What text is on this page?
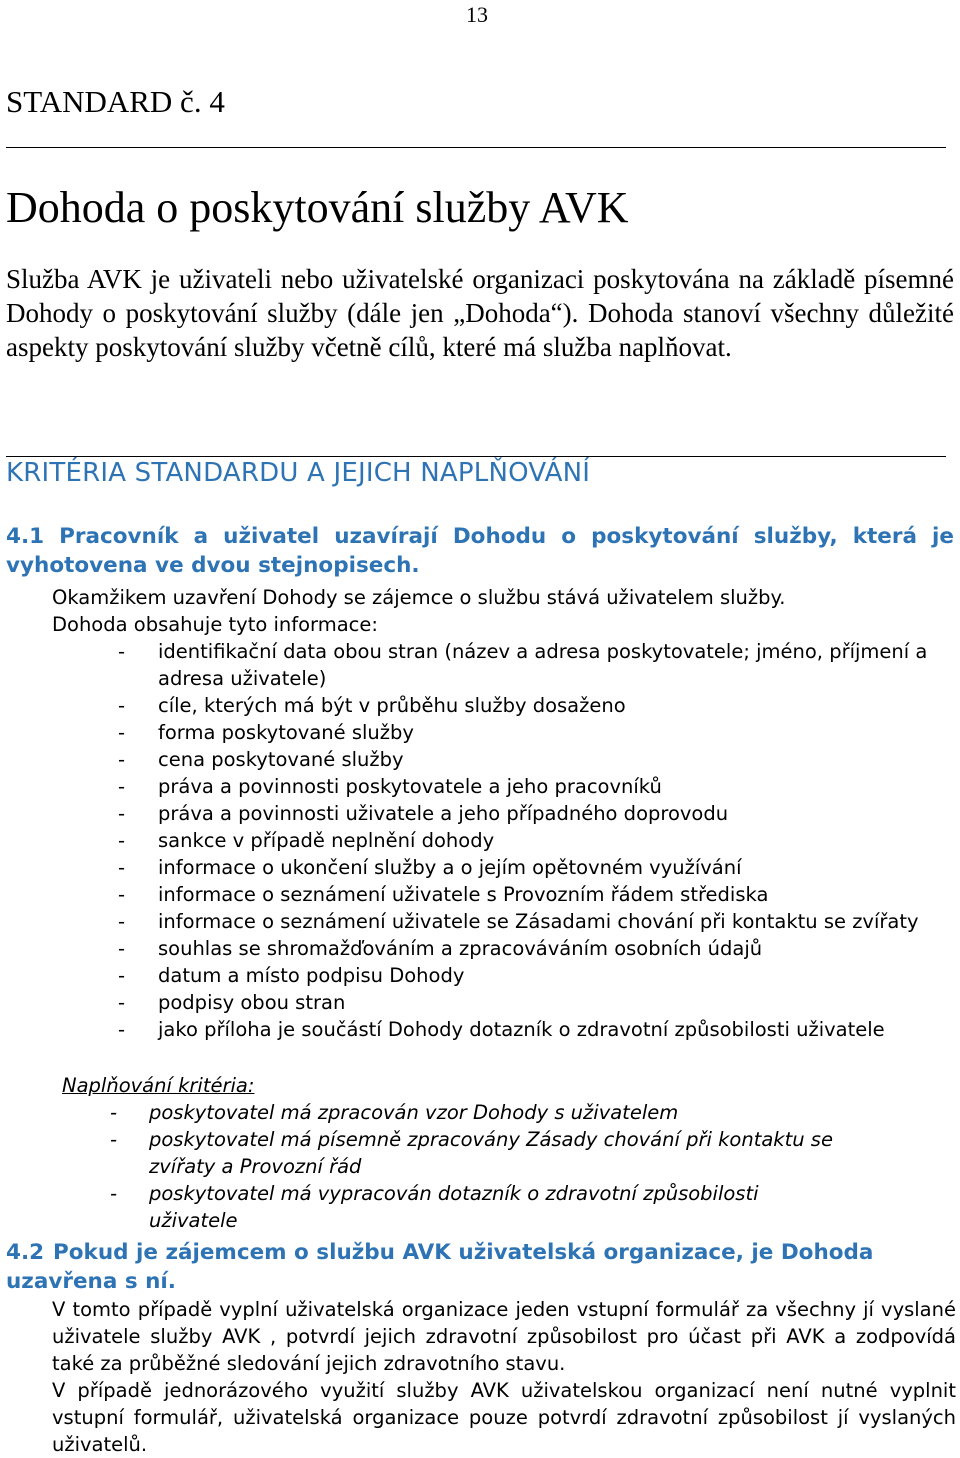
13
STANDARD č. 4
Dohoda o poskytování služby AVK
Služba AVK je uživateli nebo uživatelské organizaci poskytována na základě písemné Dohody o poskytování služby (dále jen „Dohoda“). Dohoda stanoví všechny důležité aspekty poskytování služby včetně cílů, které má služba naplňovat.
KRITÉRIA STANDARDU A JEJICH NAPLŇOVÁNÍ
4.1 Pracovník a uživatel uzavírají Dohodu o poskytování služby, která je vyhotovena ve dvou stejnopisech.
Okamžikem uzavření Dohody se zájemce o službu stává uživatelem služby.
Dohoda obsahuje tyto informace:
- identifikační data obou stran (název a adresa poskytovatele; jméno, příjmení a adresa uživatele)
- cíle, kterých má být v průběhu služby dosaženo
- forma poskytované služby
- cena poskytované služby
- práva a povinnosti poskytovatele a jeho pracovníků
- práva a povinnosti uživatele a jeho případného doprovodu
- sankce v případě neplnění dohody
- informace o ukončení služby a o jejím opětovném využívání
- informace o seznámení uživatele s Provozním řádem střediska
- informace o seznámení uživatele se Zásadami chování při kontaktu se zvířaty
- souhlas se shromažďováním a zpracováváním osobních údajů
- datum a místo podpisu Dohody
- podpisy obou stran
- jako příloha je součástí Dohody dotazník o zdravotní způsobilosti uživatele
Naplňování kritéria:
- poskytovatel má zpracován vzor Dohody s uživatelem
- poskytovatel má písemně zpracovány Zásady chování při kontaktu se zvířaty a Provozní řád
- poskytovatel má vypracován dotazník o zdravotní způsobilosti uživatele
4.2 Pokud je zájemcem o službu AVK uživatelská organizace, je Dohoda uzavřena s ní.
V tomto případě vyplní uživatelská organizace jeden vstupní formulář za všechny jí vyslané uživatele služby AVK , potvrdí jejich zdravotní způsobilost pro účast při AVK a zodpovídá také za průběžné sledování jejich zdravotního stavu.
V případě jednorázového využití služby AVK uživatelskou organizací není nutné vyplnit vstupní formulář, uživatelská organizace pouze potvrdí zdravotní způsobilost jí vyslaných uživatelů.
